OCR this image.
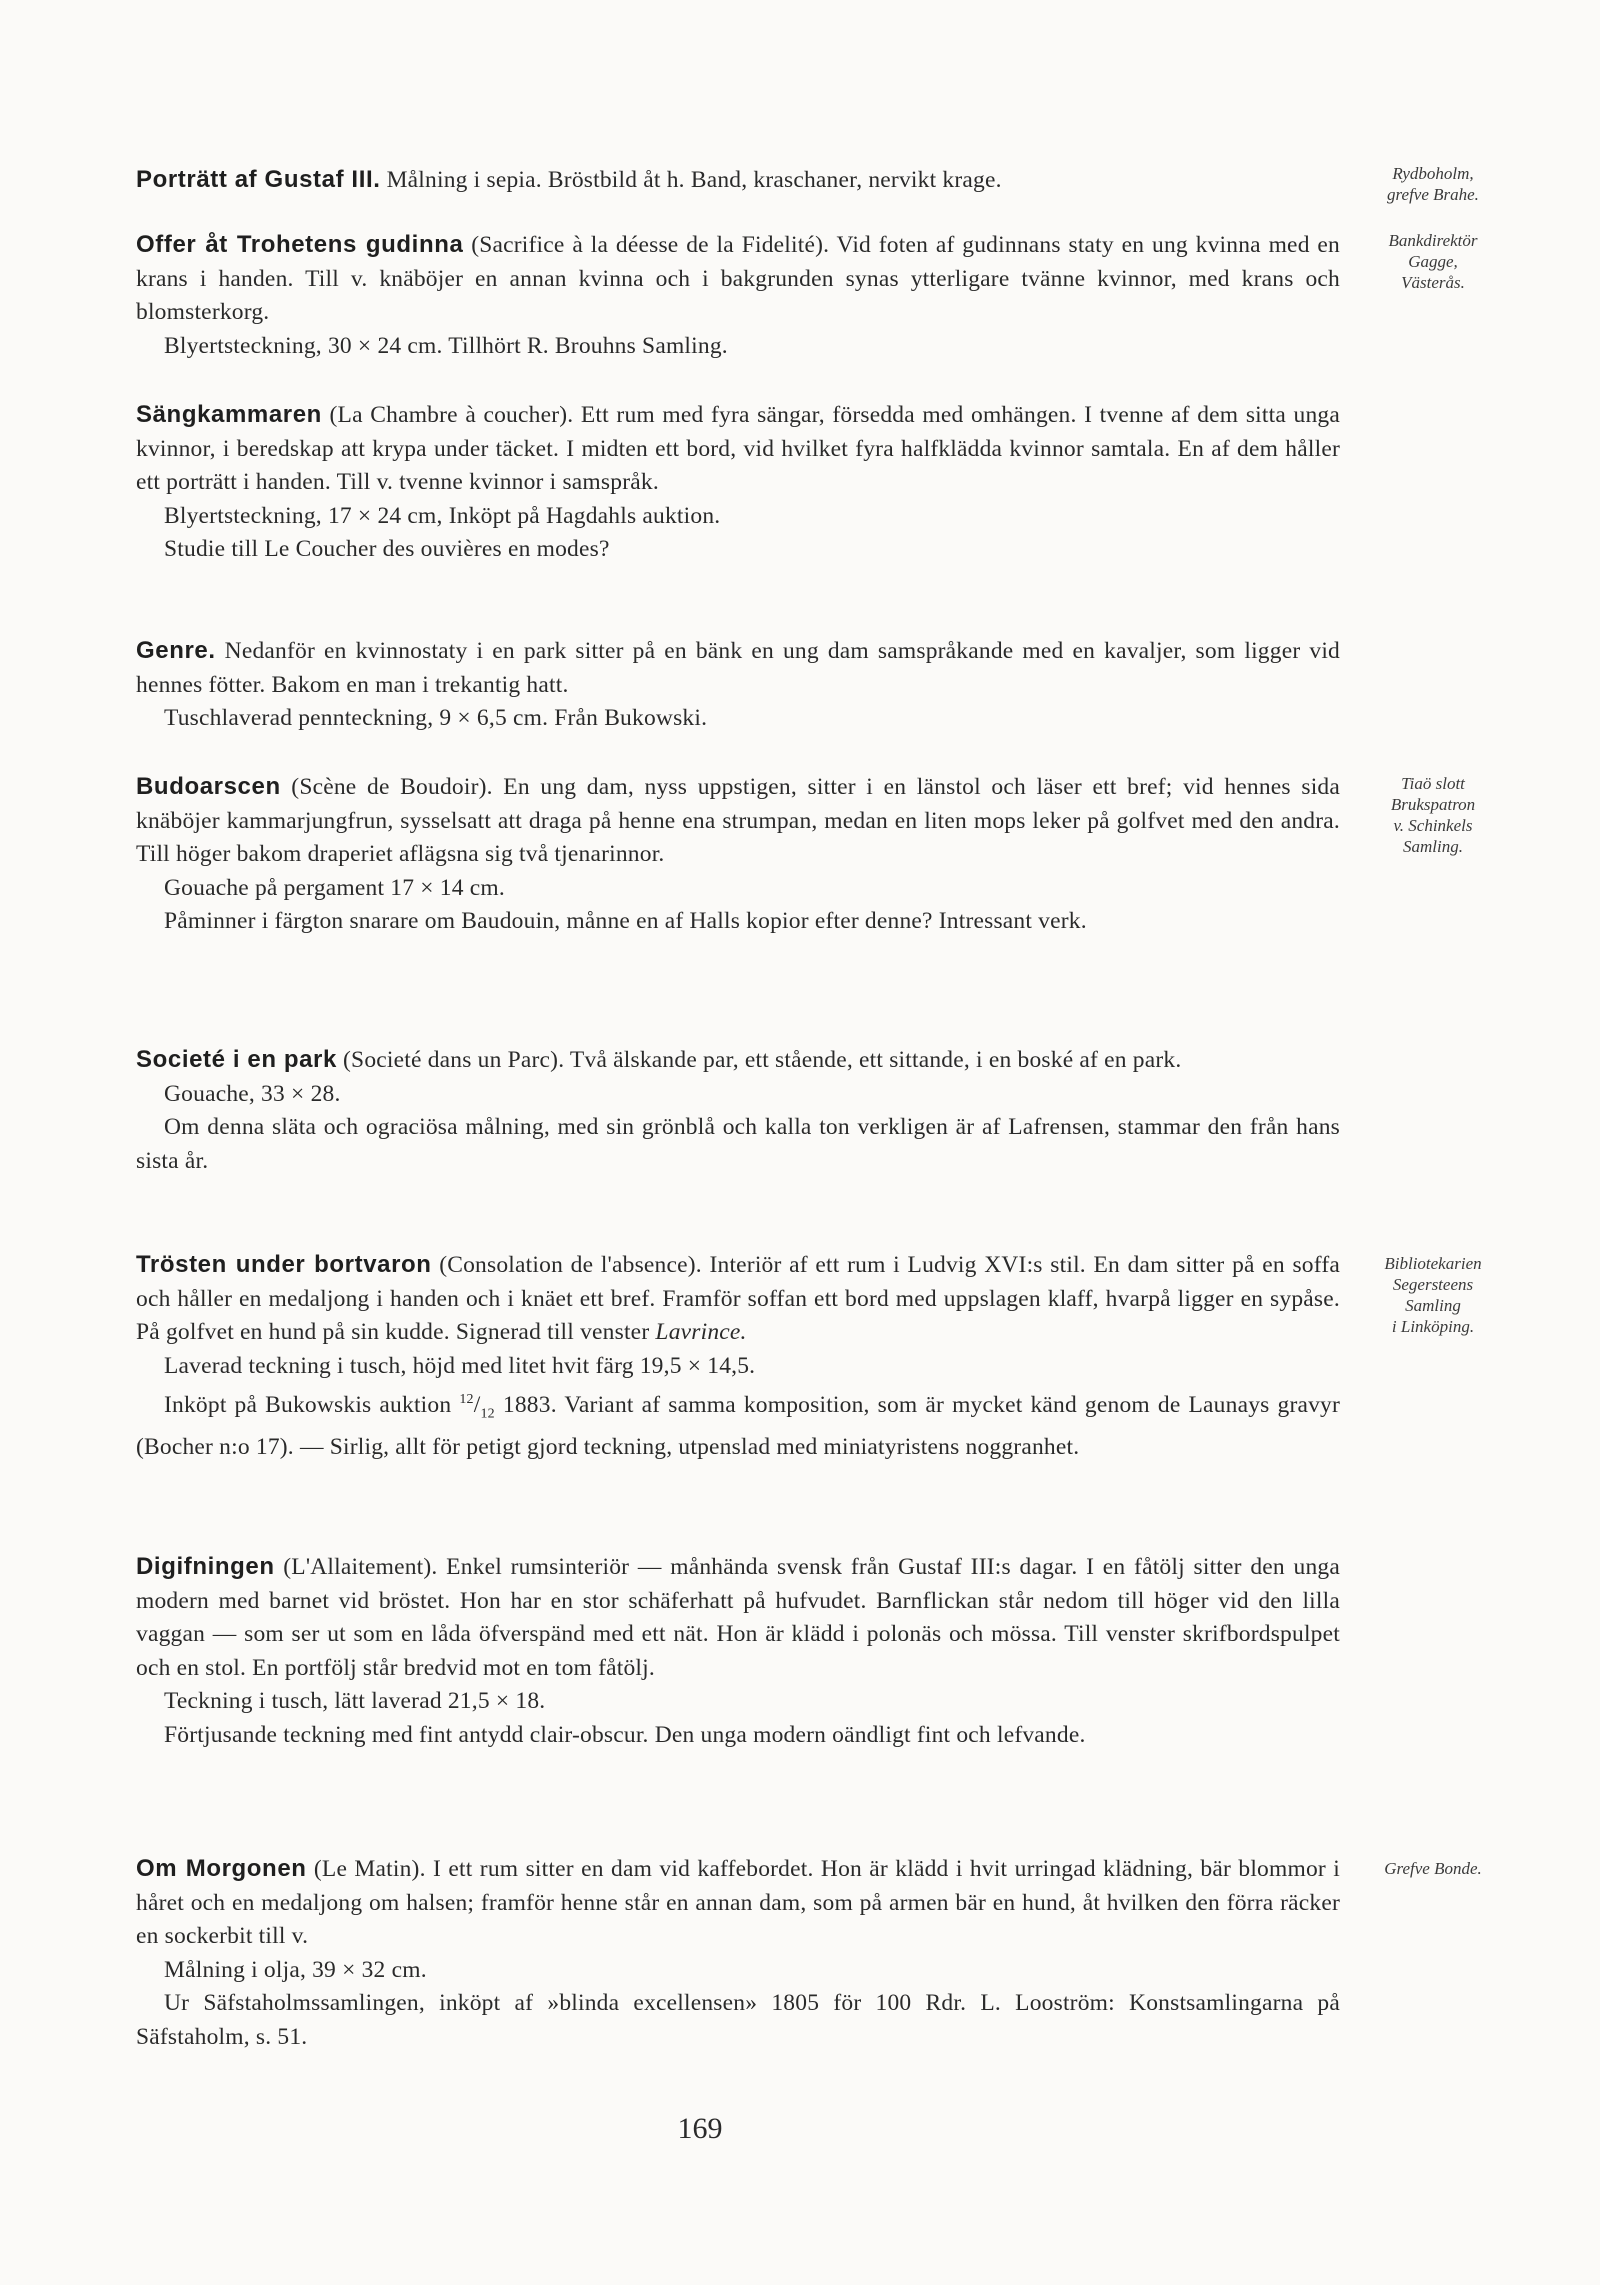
Porträtt af Gustaf III. Målning i sepia. Bröstbild åt h. Band, kraschaner, nervikt krage.	Rydboholm,
grefve Brahe.

Offer åt Trohetens gudinna (Sacrifice à la déesse de la Fidelité). Vid foten af gudinnans staty en ung kvinna med en krans i handen. Till v. knäböjer en annan kvinna och i bakgrunden synas ytterligare tvänne kvinnor, med krans och blomsterkorg.

Blyertsteckning, 30 × 24 cm. Tillhört R. Brouhns Samling.

Bankdirektör
Gagge,
Västerås.

Sängkammaren (La Chambre à coucher). Ett rum med fyra sängar, försedda med omhängen. I tvenne af dem sitta unga kvinnor, i beredskap att krypa under täcket. I midten ett bord, vid hvilket fyra halfklädda kvinnor samtala. En af dem håller ett porträtt i handen. Till v. tvenne kvinnor i samspråk.

Blyertsteckning, 17 × 24 cm, Inköpt på Hagdahls auktion.

Studie till Le Coucher des ouvières en modes?

Genre. Nedanför en kvinnostaty i en park sitter på en bänk en ung dam samspråkande med en kavaljer, som ligger vid hennes fötter. Bakom en man i trekantig hatt.

Tuschlaverad pennteckning, 9 × 6,5 cm. Från Bukowski.

Budoarscen (Scène de Boudoir). En ung dam, nyss uppstigen, sitter i en länstol och läser ett bref; vid hennes sida knäböjer kammarjungfrun, sysselsatt att draga på henne ena strumpan, medan en liten mops leker på golfvet med den andra. Till höger bakom draperiet aflägsna sig två tjenarinnor.

Gouache på pergament 17 × 14 cm.

Påminner i färgton snarare om Baudouin, månne en af Halls kopior efter denne? Intressant verk.

Tiaö slott
Brukspatron
v. Schinkels
Samling.

Societé i en park (Societé dans un Parc). Två älskande par, ett stående, ett sittande, i en boské af en park.

Gouache, 33 × 28.

Om denna släta och ograciösa målning, med sin grönblå och kalla ton verkligen är af Lafrensen, stammar den från hans sista år.

Trösten under bortvaron (Consolation de l'absence). Interiör af ett rum i Ludvig XVI:s stil. En dam sitter på en soffa och håller en medaljong i handen och i knäet ett bref. Framför soffan ett bord med uppslagen klaff, hvarpå ligger en sypåse. På golfvet en hund på sin kudde. Signerad till venster Lavrince.

Laverad teckning i tusch, höjd med litet hvit färg 19,5 × 14,5.

Inköpt på Bukowskis auktion $^{12}/_{12}$ 1883. Variant af samma komposition, som är mycket känd genom de Launays gravyr (Bocher n:o 17). — Sirlig, allt för petigt gjord teckning, utpenslad med miniatyristens noggranhet.

Bibliotekarien
Segersteens
Samling
i Linköping.

Digifningen (L'Allaitement). Enkel rumsinteriör — månhända svensk från Gustaf III:s dagar. I en fåtölj sitter den unga modern med barnet vid bröstet. Hon har en stor schäferhatt på hufvudet. Barnflickan står nedom till höger vid den lilla vaggan — som ser ut som en låda öfverspänd med ett nät. Hon är klädd i polonäs och mössa. Till venster skrifbordspulpet och en stol. En portfölj står bredvid mot en tom fåtölj.

Teckning i tusch, lätt laverad 21,5 × 18.

Förtjusande teckning med fint antydd clair-obscur. Den unga modern oändligt fint och lefvande.

Om Morgonen (Le Matin). I ett rum sitter en dam vid kaffebordet. Hon är klädd i hvit urringad klädning, bär blommor i håret och en medaljong om halsen; framför henne står en annan dam, som på armen bär en hund, åt hvilken den förra räcker en sockerbit till v.

Målning i olja, 39 × 32 cm.

Ur Säfstaholmssamlingen, inköpt af »blinda excellensen» 1805 för 100 Rdr. L. Looström: Konstsamlingarna på Säfstaholm, s. 51.

Grefve Bonde.
169
